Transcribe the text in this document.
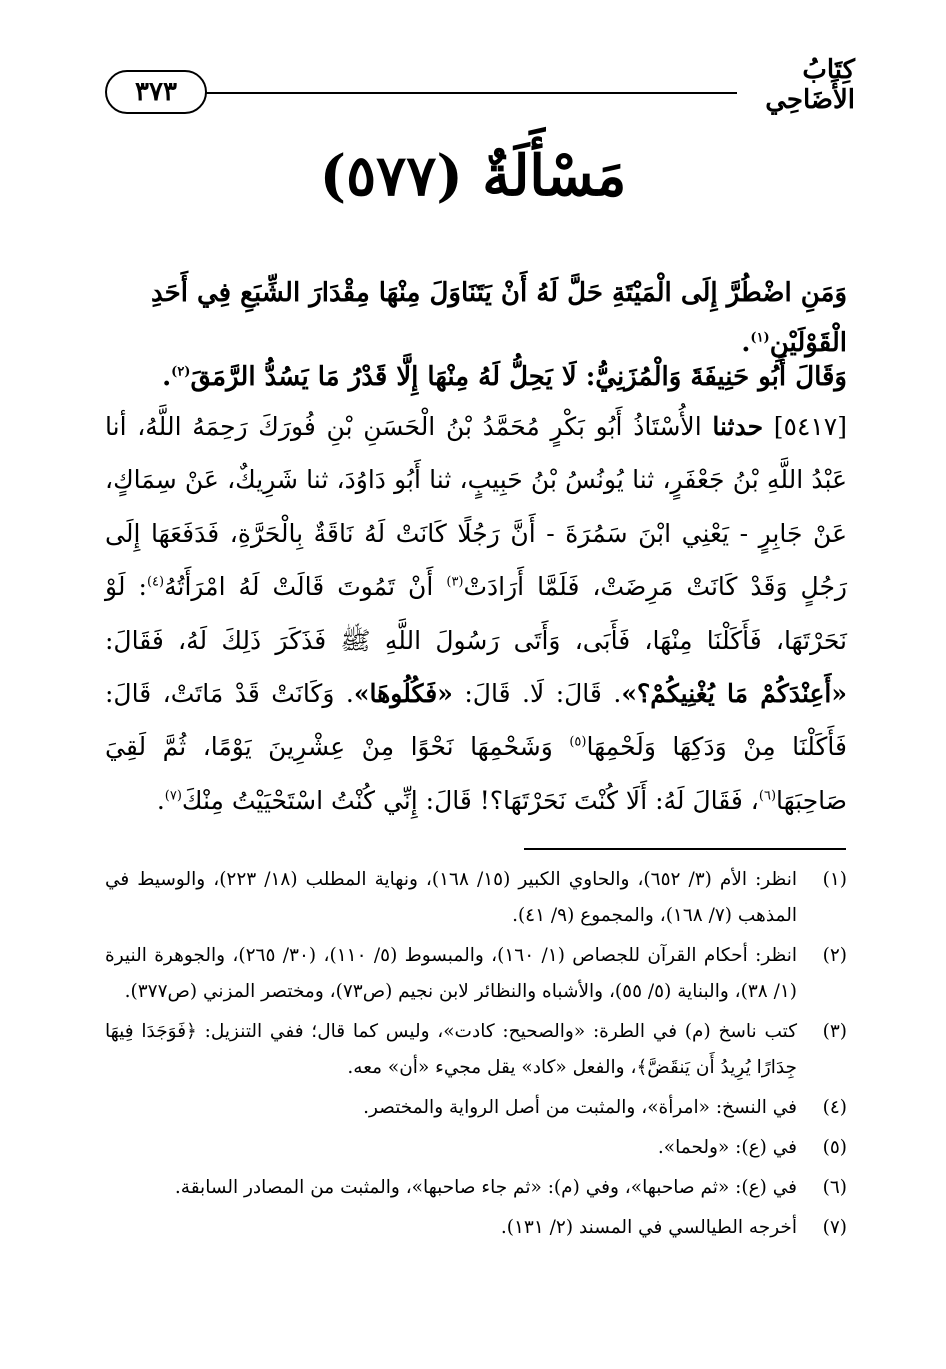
٣٧٣
كِتَابُ الأَضَاحِي
مَسْأَلَةٌ (٥٧٧)
وَمَنِ اضْطُرَّ إِلَى الْمَيْتَةِ حَلَّ لَهُ أَنْ يَتَنَاوَلَ مِنْهَا مِقْدَارَ الشِّبَعِ فِي أَحَدِ الْقَوْلَيْنِ$^{(١)}$.
وَقَالَ أَبُو حَنِيفَةَ وَالْمُزَنِيُّ: لَا يَحِلُّ لَهُ مِنْهَا إِلَّا قَدْرُ مَا يَسُدُّ الرَّمَقَ$^{(٢)}$.
[٥٤١٧] حدثنا الأُسْتَاذُ أَبُو بَكْرٍ مُحَمَّدُ بْنُ الْحَسَنِ بْنِ فُورَكَ رَحِمَهُ اللَّهُ، أنا عَبْدُ اللَّهِ بْنُ جَعْفَرٍ، ثنا يُونُسُ بْنُ حَبِيبٍ، ثنا أَبُو دَاوُدَ، ثنا شَرِيكٌ، عَنْ سِمَاكٍ، عَنْ جَابِرٍ - يَعْنِي ابْنَ سَمُرَةَ - أَنَّ رَجُلًا كَانَتْ لَهُ نَاقَةٌ بِالْحَرَّةِ، فَدَفَعَهَا إِلَى رَجُلٍ وَقَدْ كَانَتْ مَرِضَتْ، فَلَمَّا أَرَادَتْ$^{(٣)}$ أَنْ تَمُوتَ قَالَتْ لَهُ امْرَأَتُهُ$^{(٤)}$: لَوْ نَحَرْتَهَا، فَأَكَلْنَا مِنْهَا، فَأَبَى، وَأَتَى رَسُولَ اللَّهِ ﷺ فَذَكَرَ ذَلِكَ لَهُ، فَقَالَ: «أَعِنْدَكُمْ مَا يُغْنِيكُمْ؟». قَالَ: لَا. قَالَ: «فَكُلُوهَا». وَكَانَتْ قَدْ مَاتَتْ، قَالَ: فَأَكَلْنَا مِنْ وَدَكِهَا وَلَحْمِهَا$^{(٥)}$ وَشَحْمِهَا نَحْوًا مِنْ عِشْرِينَ يَوْمًا، ثُمَّ لَقِيَ صَاحِبَهَا$^{(٦)}$، فَقَالَ لَهُ: أَلَا كُنْتَ نَحَرْتَهَا؟! قَالَ: إِنِّي كُنْتُ اسْتَحْيَيْتُ مِنْكَ$^{(٧)}$.
(١)
انظر: الأم (٣/ ٦٥٢)، والحاوي الكبير (١٥/ ١٦٨)، ونهاية المطلب (١٨/ ٢٢٣)، والوسيط في المذهب (٧/ ١٦٨)، والمجموع (٩/ ٤١).
(٢)
انظر: أحكام القرآن للجصاص (١/ ١٦٠)، والمبسوط (٥/ ١١٠)، (٣٠/ ٢٦٥)، والجوهرة النيرة (١/ ٣٨)، والبناية (٥/ ٥٥)، والأشباه والنظائر لابن نجيم (ص٧٣)، ومختصر المزني (ص٣٧٧).
(٣)
كتب ناسخ (م) في الطرة: «والصحيح: كادت»، وليس كما قال؛ ففي التنزيل: ﴿فَوَجَدَا فِيهَا جِدَارًا يُرِيدُ أَن يَنقَضَّ﴾، والفعل «كاد» يقل مجيء «أن» معه.
(٤)
في النسخ: «امرأة»، والمثبت من أصل الرواية والمختصر.
(٥)
في (ع): «ولحما».
(٦)
في (ع): «ثم صاحبها»، وفي (م): «ثم جاء صاحبها»، والمثبت من المصادر السابقة.
(٧)
أخرجه الطيالسي في المسند (٢/ ١٣١).
